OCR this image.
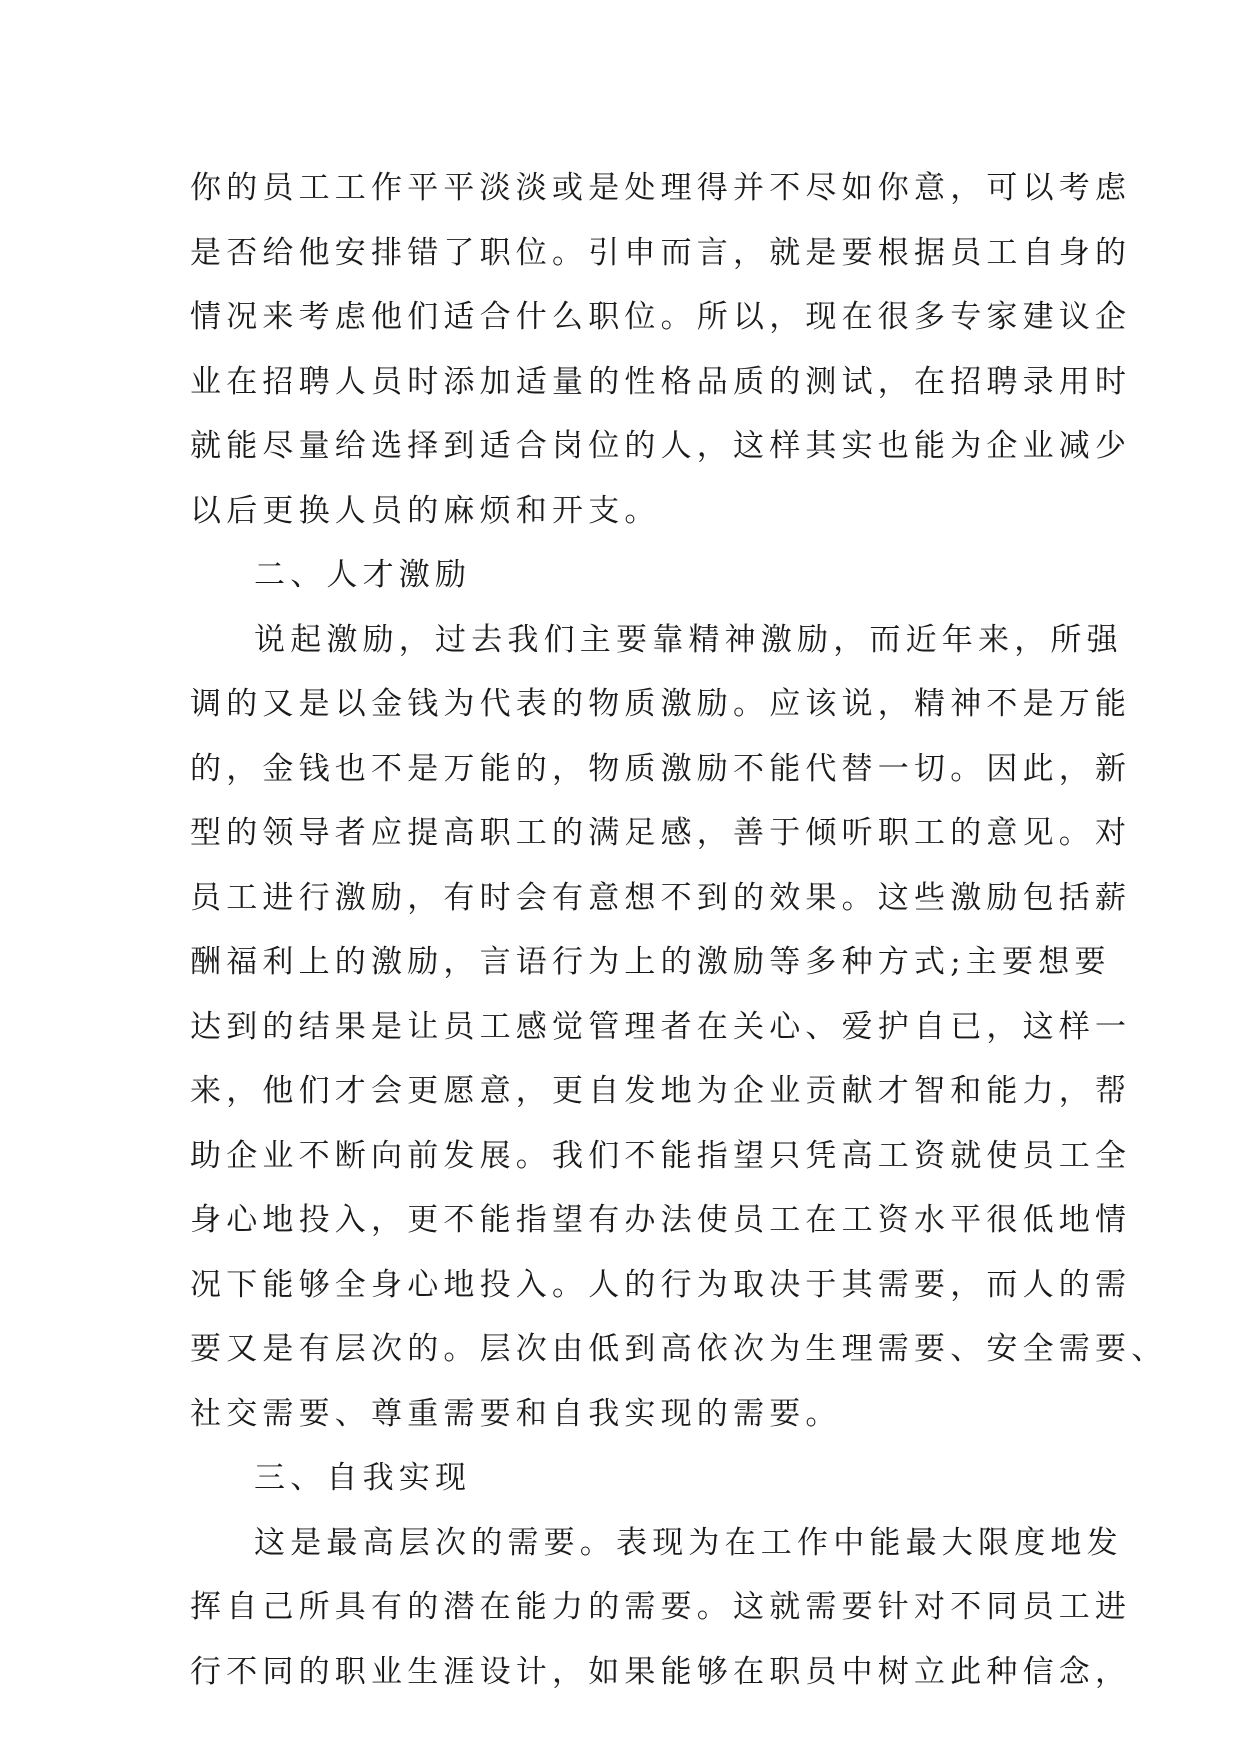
你的员工工作平平淡淡或是处理得并不尽如你意，可以考虑
是否给他安排错了职位。引申而言，就是要根据员工自身的
情况来考虑他们适合什么职位。所以，现在很多专家建议企
业在招聘人员时添加适量的性格品质的测试，在招聘录用时
就能尽量给选择到适合岗位的人，这样其实也能为企业减少
以后更换人员的麻烦和开支。
二、人才激励
说起激励，过去我们主要靠精神激励，而近年来，所强
调的又是以金钱为代表的物质激励。应该说，精神不是万能
的，金钱也不是万能的，物质激励不能代替一切。因此，新
型的领导者应提高职工的满足感，善于倾听职工的意见。对
员工进行激励，有时会有意想不到的效果。这些激励包括薪
酬福利上的激励，言语行为上的激励等多种方式;主要想要
达到的结果是让员工感觉管理者在关心、爱护自已，这样一
来，他们才会更愿意，更自发地为企业贡献才智和能力，帮
助企业不断向前发展。我们不能指望只凭高工资就使员工全
身心地投入，更不能指望有办法使员工在工资水平很低地情
况下能够全身心地投入。人的行为取决于其需要，而人的需
要又是有层次的。层次由低到高依次为生理需要、安全需要、
社交需要、尊重需要和自我实现的需要。
三、自我实现
这是最高层次的需要。表现为在工作中能最大限度地发
挥自己所具有的潜在能力的需要。这就需要针对不同员工进
行不同的职业生涯设计，如果能够在职员中树立此种信念，
